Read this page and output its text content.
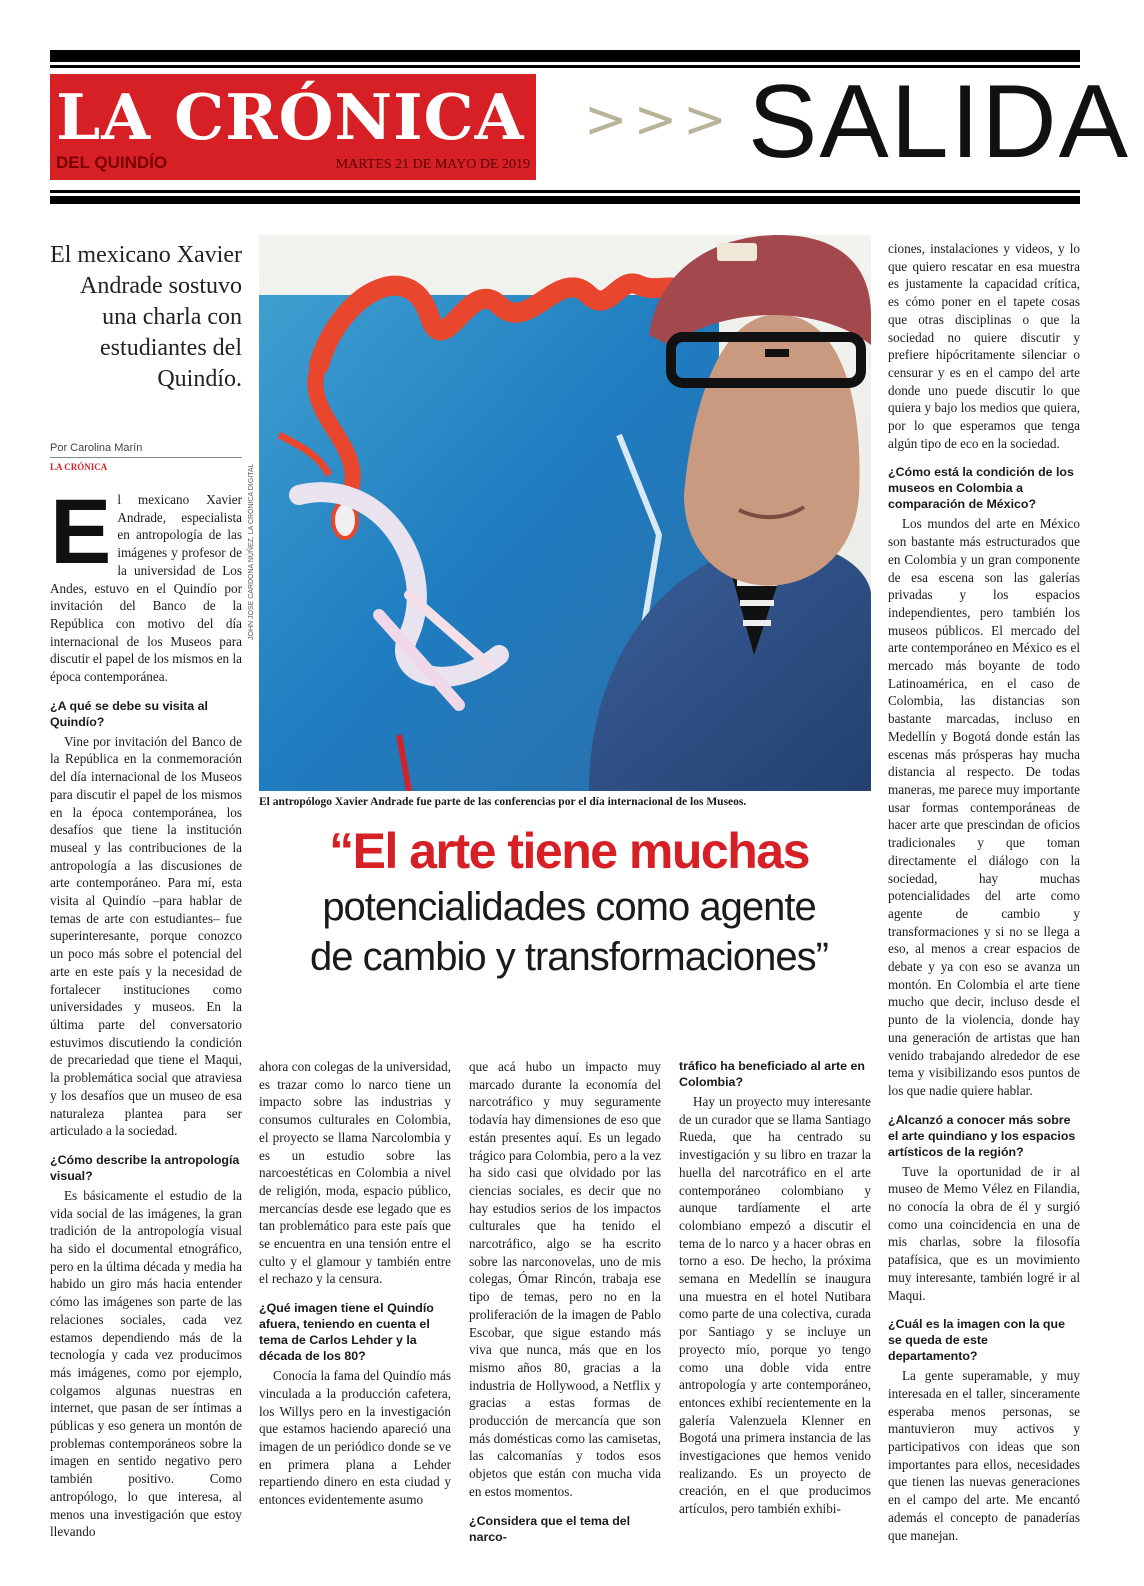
LA CRÓNICA
DEL QUINDÍO	MARTES 21 DE MAYO DE 2019
>>> SALIDA
El mexicano Xavier Andrade sostuvo una charla con estudiantes del Quindío.
Por Carolina Marín
LA CRÓNICA
E l mexicano Xavier Andrade, especialista en antropología de las imágenes y profesor de la universidad de Los Andes, estuvo en el Quindío por invitación del Banco de la República con motivo del día internacional de los Museos para discutir el papel de los mismos en la época contemporánea.

¿A qué se debe su visita al Quindío?

Vine por invitación del Banco de la República en la conmemoración del día internacional de los Museos para discutir el papel de los mismos en la época contemporánea, los desafíos que tiene la institución museal y las contribuciones de la antropología a las discusiones de arte contemporáneo. Para mí, esta visita al Quindío –para hablar de temas de arte con estudiantes– fue superinteresante, porque conozco un poco más sobre el potencial del arte en este país y la necesidad de fortalecer instituciones como universidades y museos. En la última parte del conversatorio estuvimos discutiendo la condición de precariedad que tiene el Maqui, la problemática social que atraviesa y los desafíos que un museo de esa naturaleza plantea para ser articulado a la sociedad.

¿Cómo describe la antropología visual?

Es básicamente el estudio de la vida social de las imágenes, la gran tradición de la antropología visual ha sido el documental etnográfico, pero en la última década y media ha habido un giro más hacia entender cómo las imágenes son parte de las relaciones sociales, cada vez estamos dependiendo más de la tecnología y cada vez producimos más imágenes, como por ejemplo, colgamos algunas nuestras en internet, que pasan de ser íntimas a públicas y eso genera un montón de problemas contemporáneos sobre la imagen en sentido negativo pero también positivo. Como antropólogo, lo que interesa, al menos una investigación que estoy llevando

JOHN JOSE CARDONA NÚÑEZ, LA CRÓNICA DIGITAL
El antropólogo Xavier Andrade fue parte de las conferencias por el día internacional de los Museos.
“El arte tiene muchas
potencialidades como agente
de cambio y transformaciones”

ahora con colegas de la universidad, es trazar como lo narco tiene un impacto sobre las industrias y consumos culturales en Colombia, el proyecto se llama Narcolombia y es un estudio sobre las narcoestéticas en Colombia a nivel de religión, moda, espacio público, mercancías desde ese legado que es tan problemático para este país que se encuentra en una tensión entre el culto y el glamour y también entre el rechazo y la censura.

¿Qué imagen tiene el Quindío afuera, teniendo en cuenta el tema de Carlos Lehder y la década de los 80?

Conocía la fama del Quindío más vinculada a la producción cafetera, los Willys pero en la investigación que estamos haciendo apareció una imagen de un periódico donde se ve en primera plana a Lehder repartiendo dinero en esta ciudad y entonces evidentemente asumo

que acá hubo un impacto muy marcado durante la economía del narcotráfico y muy seguramente todavía hay dimensiones de eso que están presentes aquí. Es un legado trágico para Colombia, pero a la vez ha sido casi que olvidado por las ciencias sociales, es decir que no hay estudios serios de los impactos culturales que ha tenido el narcotráfico, algo se ha escrito sobre las narconovelas, uno de mis colegas, Ómar Rincón, trabaja ese tipo de temas, pero no en la proliferación de la imagen de Pablo Escobar, que sigue estando más viva que nunca, más que en los mismo años 80, gracias a la industria de Hollywood, a Netflix y gracias a estas formas de producción de mercancía que son más domésticas como las camisetas, las calcomanías y todos esos objetos que están con mucha vida en estos momentos.

¿Considera que el tema del narco-

tráfico ha beneficiado al arte en Colombia?

Hay un proyecto muy interesante de un curador que se llama Santiago Rueda, que ha centrado su investigación y su libro en trazar la huella del narcotráfico en el arte contemporáneo colombiano y aunque tardíamente el arte colombiano empezó a discutir el tema de lo narco y a hacer obras en torno a eso. De hecho, la próxima semana en Medellín se inaugura una muestra en el hotel Nutibara como parte de una colectiva, curada por Santiago y se incluye un proyecto mío, porque yo tengo como una doble vida entre antropología y arte contemporáneo, entonces exhibí recientemente en la galería Valenzuela Klenner en Bogotá una primera instancia de las investigaciones que hemos venido realizando. Es un proyecto de creación, en el que producimos artículos, pero también exhibi-

ciones, instalaciones y videos, y lo que quiero rescatar en esa muestra es justamente la capacidad crítica, es cómo poner en el tapete cosas que otras disciplinas o que la sociedad no quiere discutir y prefiere hipócritamente silenciar o censurar y es en el campo del arte donde uno puede discutir lo que quiera y bajo los medios que quiera, por lo que esperamos que tenga algún tipo de eco en la sociedad.

¿Cómo está la condición de los museos en Colombia a comparación de México?

Los mundos del arte en México son bastante más estructurados que en Colombia y un gran componente de esa escena son las galerías privadas y los espacios independientes, pero también los museos públicos. El mercado del arte contemporáneo en México es el mercado más boyante de todo Latinoamérica, en el caso de Colombia, las distancias son bastante marcadas, incluso en Medellín y Bogotá donde están las escenas más prósperas hay mucha distancia al respecto. De todas maneras, me parece muy importante usar formas contemporáneas de hacer arte que prescindan de oficios tradicionales y que toman directamente el diálogo con la sociedad, hay muchas potencialidades del arte como agente de cambio y transformaciones y si no se llega a eso, al menos a crear espacios de debate y ya con eso se avanza un montón. En Colombia el arte tiene mucho que decir, incluso desde el punto de la violencia, donde hay una generación de artistas que han venido trabajando alrededor de ese tema y visibilizando esos puntos de los que nadie quiere hablar.

¿Alcanzó a conocer más sobre el arte quindiano y los espacios artísticos de la región?

Tuve la oportunidad de ir al museo de Memo Vélez en Filandia, no conocía la obra de él y surgió como una coincidencia en una de mis charlas, sobre la filosofía patafísica, que es un movimiento muy interesante, también logré ir al Maqui.

¿Cuál es la imagen con la que se queda de este departamento?

La gente superamable, y muy interesada en el taller, sinceramente esperaba menos personas, se mantuvieron muy activos y participativos con ideas que son importantes para ellos, necesidades que tienen las nuevas generaciones en el campo del arte. Me encantó además el concepto de panaderías que manejan.
